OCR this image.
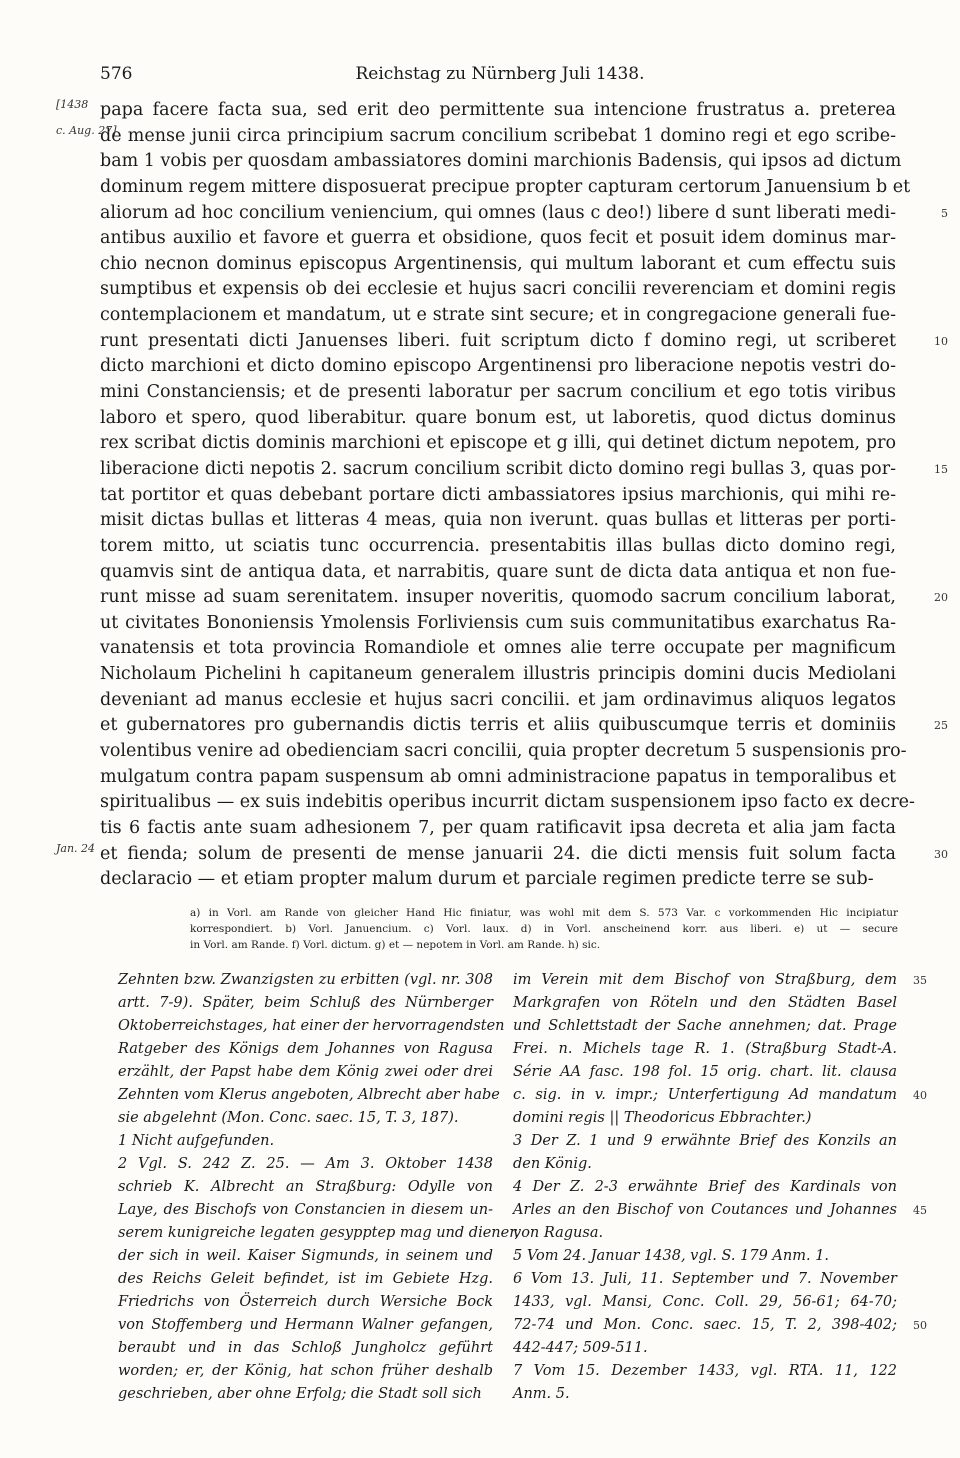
576	Reichstag zu Nürnberg Juli 1438.
papa facere facta sua, sed erit deo permittente sua intencione frustratus a. preterea
[1438
de mense junii circa principium sacrum concilium scribebat 1 domino regi et ego scribe-
c. Aug. 27]
bam 1 vobis per quosdam ambassiatores domini marchionis Badensis, qui ipsos ad dictum
dominum regem mittere disposuerat precipue propter capturam certorum Januensium b et
aliorum ad hoc concilium veniencium, qui omnes (laus c deo!) libere d sunt liberati medi-	5
antibus auxilio et favore et guerra et obsidione, quos fecit et posuit idem dominus mar-
chio necnon dominus episcopus Argentinensis, qui multum laborant et cum effectu suis
sumptibus et expensis ob dei ecclesie et hujus sacri concilii reverenciam et domini regis
contemplacionem et mandatum, ut e strate sint secure; et in congregacione generali fue-
runt presentati dicti Januenses liberi. fuit scriptum dicto f domino regi, ut scriberet	10
dicto marchioni et dicto domino episcopo Argentinensi pro liberacione nepotis vestri do-
mini Constanciensis; et de presenti laboratur per sacrum concilium et ego totis viribus
laboro et spero, quod liberabitur. quare bonum est, ut laboretis, quod dictus dominus
rex scribat dictis dominis marchioni et episcope et g illi, qui detinet dictum nepotem, pro
liberacione dicti nepotis 2. sacrum concilium scribit dicto domino regi bullas 3, quas por-	15
tat portitor et quas debebant portare dicti ambassiatores ipsius marchionis, qui mihi re-
misit dictas bullas et litteras 4 meas, quia non iverunt. quas bullas et litteras per porti-
torem mitto, ut sciatis tunc occurrencia. presentabitis illas bullas dicto domino regi,
quamvis sint de antiqua data, et narrabitis, quare sunt de dicta data antiqua et non fue-
runt misse ad suam serenitatem. insuper noveritis, quomodo sacrum concilium laborat,	20
ut civitates Bononiensis Ymolensis Forliviensis cum suis communitatibus exarchatus Ra-
vanatensis et tota provincia Romandiole et omnes alie terre occupate per magnificum
Nicholaum Pichelini h capitaneum generalem illustris principis domini ducis Mediolani
deveniant ad manus ecclesie et hujus sacri concilii. et jam ordinavimus aliquos legatos
et gubernatores pro gubernandis dictis terris et aliis quibuscumque terris et dominiis	25
volentibus venire ad obedienciam sacri concilii, quia propter decretum 5 suspensionis pro-
mulgatum contra papam suspensum ab omni administracione papatus in temporalibus et
spiritualibus — ex suis indebitis operibus incurrit dictam suspensionem ipso facto ex decre-
tis 6 factis ante suam adhesionem 7, per quam ratificavit ipsa decreta et alia jam facta
et fienda; solum de presenti de mense januarii 24. die dicti mensis fuit solum facta
Jan. 24	30
declaracio — et etiam propter malum durum et parciale regimen predicte terre se sub-
a) in Vorl. am Rande von gleicher Hand Hic finiatur, was wohl mit dem S. 573 Var. c vorkommenden Hic incipiatur
korrespondiert. b) Vorl. Januencium. c) Vorl. laux. d) in Vorl. anscheinend korr. aus liberi. e) ut — secure
in Vorl. am Rande. f) Vorl. dictum. g) et — nepotem in Vorl. am Rande. h) sic.
Zehnten bzw. Zwanzigsten zu erbitten (vgl. nr. 308
artt. 7-9). Später, beim Schluß des Nürnberger
Oktoberreichstages, hat einer der hervorragendsten
Ratgeber des Königs dem Johannes von Ragusa
erzählt, der Papst habe dem König zwei oder drei
Zehnten vom Klerus angeboten, Albrecht aber habe
sie abgelehnt (Mon. Conc. saec. 15, T. 3, 187).
1 Nicht aufgefunden.
2 Vgl. S. 242 Z. 25. — Am 3. Oktober 1438
schrieb K. Albrecht an Straßburg: Odylle von
Laye, des Bischofs von Constancien in diesem un-
serem kunigreiche legaten gesypptер mag und diener,
der sich in weil. Kaiser Sigmunds, in seinem und
des Reichs Geleit befindet, ist im Gebiete Hzg.
Friedrichs von Österreich durch Wersiche Bock
von Stoffemberg und Hermann Walner gefangen,
beraubt und in das Schloß Jungholcz geführt
worden; er, der König, hat schon früher deshalb
geschrieben, aber ohne Erfolg; die Stadt soll sich
im Verein mit dem Bischof von Straßburg, dem 35
Markgrafen von Röteln und den Städten Basel
und Schlettstadt der Sache annehmen; dat. Prage
Frei. n. Michels tage R. 1. (Straßburg Stadt-A.
Série AA fasc. 198 fol. 15 orig. chart. lit. clausa
c. sig. in v. impr.; Unterfertigung Ad mandatum 40
domini regis || Theodoricus Ebbrachter.)
3 Der Z. 1 und 9 erwähnte Brief des Konzils an
den König.
4 Der Z. 2-3 erwähnte Brief des Kardinals von
Arles an den Bischof von Coutances und Johannes 45
von Ragusa.
5 Vom 24. Januar 1438, vgl. S. 179 Anm. 1.
6 Vom 13. Juli, 11. September und 7. November
1433, vgl. Mansi, Conc. Coll. 29, 56-61; 64-70;
72-74 und Mon. Conc. saec. 15, T. 2, 398-402; 50
442-447; 509-511.
7 Vom 15. Dezember 1433, vgl. RTA. 11, 122
Anm. 5.
